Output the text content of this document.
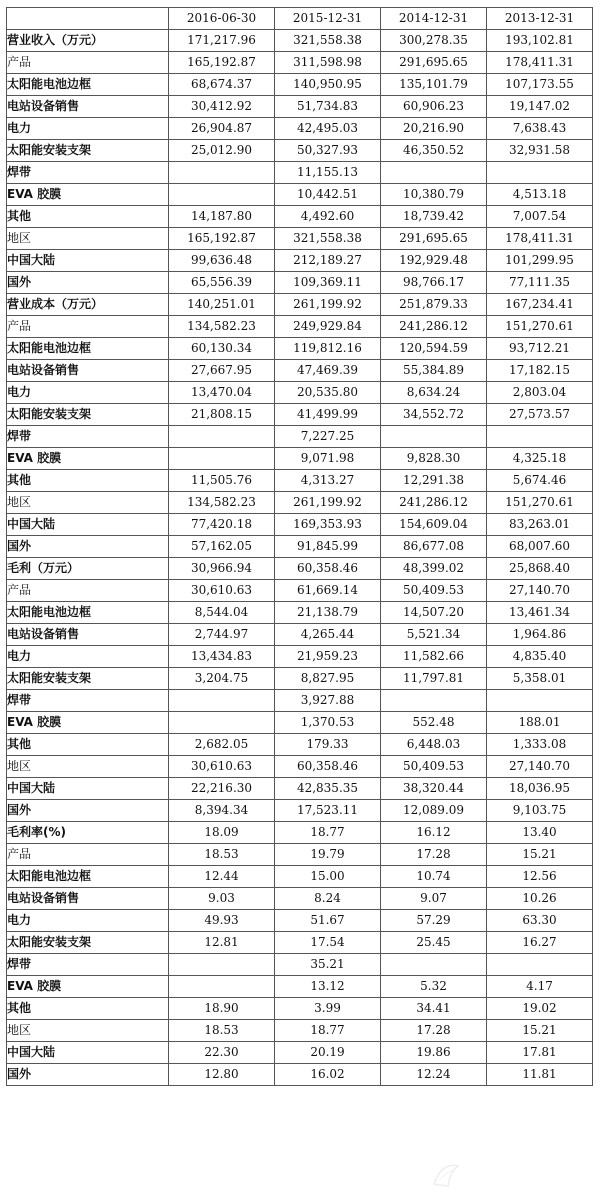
	2016-06-30	2015-12-31	2014-12-31	2013-12-31
营业收入（万元）	171,217.96	321,558.38	300,278.35	193,102.81
产品	165,192.87	311,598.98	291,695.65	178,411.31
太阳能电池边框	68,674.37	140,950.95	135,101.79	107,173.55
电站设备销售	30,412.92	51,734.83	60,906.23	19,147.02
电力	26,904.87	42,495.03	20,216.90	7,638.43
太阳能安装支架	25,012.90	50,327.93	46,350.52	32,931.58
焊带		11,155.13		
EVA 胶膜		10,442.51	10,380.79	4,513.18
其他	14,187.80	4,492.60	18,739.42	7,007.54
地区	165,192.87	321,558.38	291,695.65	178,411.31
中国大陆	99,636.48	212,189.27	192,929.48	101,299.95
国外	65,556.39	109,369.11	98,766.17	77,111.35
营业成本（万元）	140,251.01	261,199.92	251,879.33	167,234.41
产品	134,582.23	249,929.84	241,286.12	151,270.61
太阳能电池边框	60,130.34	119,812.16	120,594.59	93,712.21
电站设备销售	27,667.95	47,469.39	55,384.89	17,182.15
电力	13,470.04	20,535.80	8,634.24	2,803.04
太阳能安装支架	21,808.15	41,499.99	34,552.72	27,573.57
焊带		7,227.25		
EVA 胶膜		9,071.98	9,828.30	4,325.18
其他	11,505.76	4,313.27	12,291.38	5,674.46
地区	134,582.23	261,199.92	241,286.12	151,270.61
中国大陆	77,420.18	169,353.93	154,609.04	83,263.01
国外	57,162.05	91,845.99	86,677.08	68,007.60
毛利（万元）	30,966.94	60,358.46	48,399.02	25,868.40
产品	30,610.63	61,669.14	50,409.53	27,140.70
太阳能电池边框	8,544.04	21,138.79	14,507.20	13,461.34
电站设备销售	2,744.97	4,265.44	5,521.34	1,964.86
电力	13,434.83	21,959.23	11,582.66	4,835.40
太阳能安装支架	3,204.75	8,827.95	11,797.81	5,358.01
焊带		3,927.88		
EVA 胶膜		1,370.53	552.48	188.01
其他	2,682.05	179.33	6,448.03	1,333.08
地区	30,610.63	60,358.46	50,409.53	27,140.70
中国大陆	22,216.30	42,835.35	38,320.44	18,036.95
国外	8,394.34	17,523.11	12,089.09	9,103.75
毛利率(%)	18.09	18.77	16.12	13.40
产品	18.53	19.79	17.28	15.21
太阳能电池边框	12.44	15.00	10.74	12.56
电站设备销售	9.03	8.24	9.07	10.26
电力	49.93	51.67	57.29	63.30
太阳能安装支架	12.81	17.54	25.45	16.27
焊带		35.21		
EVA 胶膜		13.12	5.32	4.17
其他	18.90	3.99	34.41	19.02
地区	18.53	18.77	17.28	15.21
中国大陆	22.30	20.19	19.86	17.81
国外	12.80	16.02	12.24	11.81
